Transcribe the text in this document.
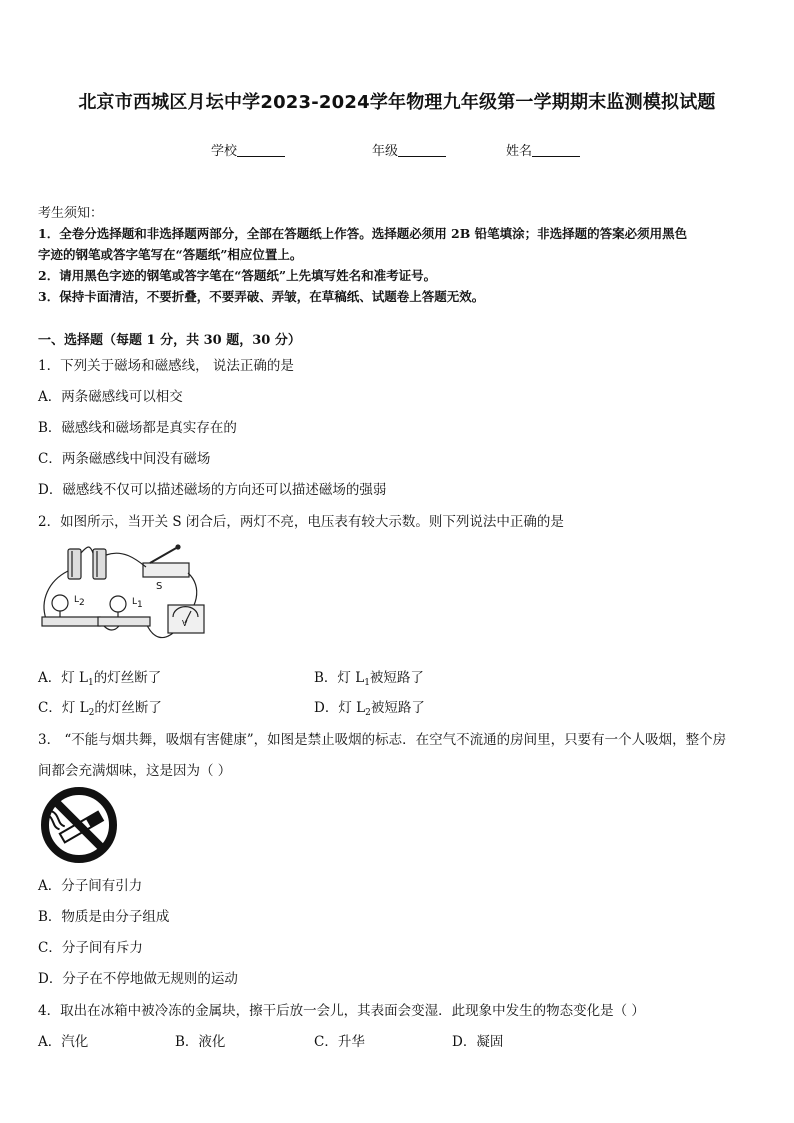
北京市西城区月坛中学2023-2024学年物理九年级第一学期期末监测模拟试题
学校	年级	姓名
考生须知：
1．全卷分选择题和非选择题两部分，全部在答题纸上作答。选择题必须用 2B 铅笔填涂；非选择题的答案必须用黑色
字迹的钢笔或答字笔写在“答题纸”相应位置上。
2．请用黑色字迹的钢笔或答字笔在“答题纸”上先填写姓名和准考证号。
3．保持卡面清洁，不要折叠，不要弄破、弄皱，在草稿纸、试题卷上答题无效。
一、选择题（每题 1 分，共 30 题，30 分）
1．下列关于磁场和磁感线， 说法正确的是
A．两条磁感线可以相交
B．磁感线和磁场都是真实存在的
C．两条磁感线中间没有磁场
D．磁感线不仅可以描述磁场的方向还可以描述磁场的强弱
2．如图所示，当开关 S 闭合后，两灯不亮，电压表有较大示数。则下列说法中正确的是
$L_2$	$L_1$
S
V
A．灯 $L_1$的灯丝断了	B．灯 $L_1$被短路了
C．灯 $L_2$的灯丝断了	D．灯 $L_2$被短路了
3． “不能与烟共舞，吸烟有害健康”，如图是禁止吸烟的标志．在空气不流通的房间里，只要有一个人吸烟，整个房
间都会充满烟味，这是因为（ ）
A．分子间有引力
B．物质是由分子组成
C．分子间有斥力
D．分子在不停地做无规则的运动
4．取出在冰箱中被冷冻的金属块，擦干后放一会儿，其表面会变湿．此现象中发生的物态变化是（ ）
A．汽化	B．液化	C．升华	D．凝固
